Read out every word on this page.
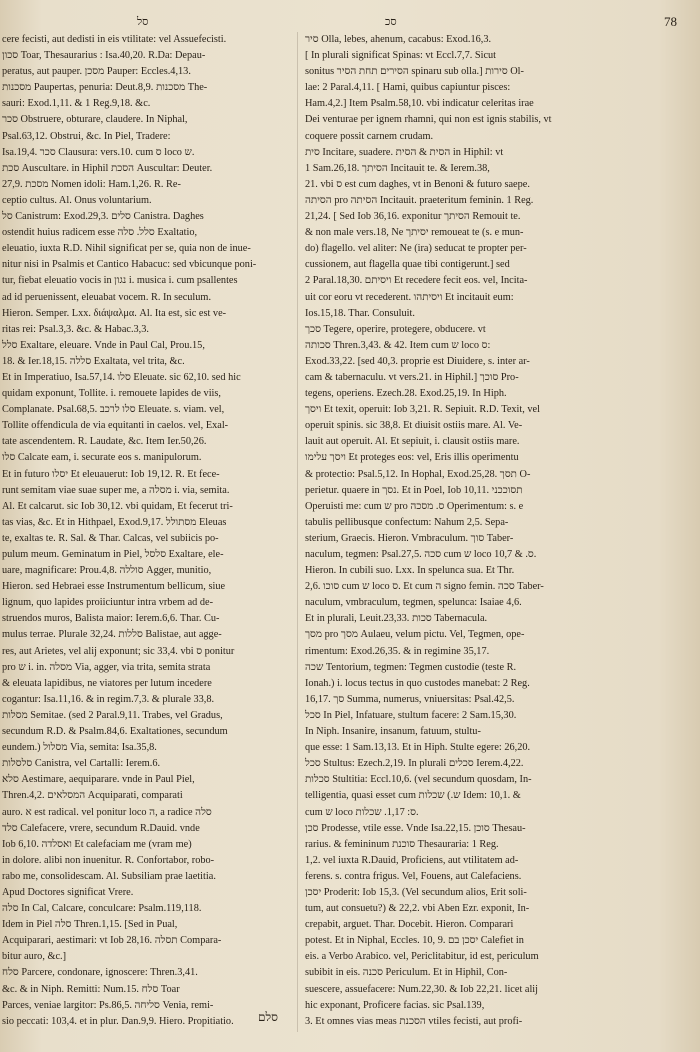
סל	סכ	78

cere fecisti, aut dedisti in eis vtilitate: vel Assuefecisti.

סכון Toar, Thesaurarius : Isa.40,20. R.Da: Depau-

peratus, aut pauper. מסכן Pauper: Eccles.4,13.

מסכנות Paupertas, penuria: Deut.8,9. מסכנות The-

sauri: Exod.1,11. & 1 Reg.9,18. &c.

סכר Obstruere, obturare, claudere. In Niphal,

Psal.63,12. Obstrui, &c. In Piel, Tradere:

Isa.19,4. סכר Clausura: vers.10. cum ס loco ש.

סכת Auscultare. in Hiphil הסכת Auscultar: Deuter.

27,9. מסכת Nomen idoli: Ham.1,26. R. Re-

ceptio cultus. Al. Onus voluntarium.

סל Canistrum: Exod.29,3. סלים Canistra. Daghes

ostendit huius radicem esse סלל. סלה Exaltatio,

eleuatio, iuxta R.D. Nihil significat per se, quia non de inue-

nitur nisi in Psalmis et Cantico Habacuc: sed vbicunque poni-

tur, fiebat eleuatio vocis in נגון i. musica i. cum psallentes

ad id peruenissent, eleuabat vocem. R. In seculum.

Hieron. Semper. Lxx. διάψαλμα. Al. Ita est, sic est ve-

ritas rei: Psal.3,3. &c. & Habac.3,3.

סלל Exaltare, eleuare. Vnde in Paul Cal, Prou.15,

18. & Ier.18,15. סללה Exaltata, vel trita, &c.

Et in Imperatiuo, Isa.57,14. סלו Eleuate. sic 62,10. sed hic

quidam exponunt, Tollite. i. remouete lapides de viis,

Complanate. Psal.68,5. סלו לרכב Eleuate. s. viam. vel,

Tollite offendicula de via equitanti in caelos. vel, Exal-

tate ascendentem. R. Laudate, &c. Item Ier.50,26.

סלו Calcate eam, i. securate eos s. manipulorum.

Et in futuro יסלו Et eleuauerut: Iob 19,12. R. Et fece-

runt semitam viae suae super me, a מסלה i. via, semita.

Al. Et calcarut. sic Iob 30,12. vbi quidam, Et fecerut tri-

tas vias, &c. Et in Hithpael, Exod.9,17. מסתולל Eleuas

te, exaltas te. R. Sal. & Thar. Calcas, vel subiicis po-

pulum meum. Geminatum in Piel, סלסל Exaltare, ele-

uare, magnificare: Prou.4,8. סוללה Agger, munitio,

Hieron. sed Hebraei esse Instrumentum bellicum, siue

lignum, quo lapides proiiciuntur intra vrbem ad de-

struendos muros, Balista maior: Ierem.6,6. Thar. Cu-

mulus terrae. Plurale 32,24. סללות Balistae, aut agge-

res, aut Arietes, vel alij exponunt; sic 33,4. vbi ס ponitur

pro ש i. in. מסלה Via, agger, via trita, semita strata

& eleuata lapidibus, ne viatores per lutum incedere

cogantur: Isa.11,16. & in regim.7,3. & plurale 33,8.

מסלות Semitae. (sed 2 Paral.9,11. Trabes, vel Gradus,

secundum R.D. & Psalm.84,6. Exaltationes, secundum

eundem.) מסלול Via, semita: Isa.35,8.

סלסלות Canistra, vel Cartalli: Ierem.6.

סלא Aestimare, aequiparare. vnde in Paul Piel,

Thren.4,2. המסלאים Acquiparati, comparati

auro. א est radical. vel ponitur loco ה, a radice סלה

סלד Calefacere, vrere, secundum R.Dauid. vnde

Iob 6,10. ואסלדה Et calefaciam me (vram me)

in dolore. alibi non inuenitur. R. Confortabor, robo-

rabo me, consolidescam. Al. Subsiliam prae laetitia.

Apud Doctores significat Vrere.

סלה In Cal, Calcare, conculcare: Psalm.119,118.

Idem in Piel סלה Thren.1,15. [Sed in Pual,

Acquiparari, aestimari: vt Iob 28,16. תסלה Compara-

bitur auro, &c.]

סלח Parcere, condonare, ignoscere: Thren.3,41.

&c. & in Niph. Remitti: Num.15. סלח Toar

Parces, veniae largitor: Ps.86,5. סליחה Venia, remi-

sio peccati: 103,4. et in plur. Dan.9,9. Hiero. Propitiatio.

סיר Olla, lebes, ahenum, cacabus: Exod.16,3.

[ In plurali significat Spinas: vt Eccl.7,7. Sicut

sonitus הסירים תחת הסיר spinaru sub olla.] סירות Ol-

lae: 2 Paral.4,11. [ Hami, quibus capiuntur pisces:

Ham.4,2.] Item Psalm.58,10. vbi indicatur celeritas irae

Dei venturae per ignem rhamni, qui non est ignis stabilis, vt

coquere possit carnem crudam.

סית Incitare, suadere. הסית & הסית in Hiphil: vt

1 Sam.26,18. הסיתך Incitauit te. & Ierem.38,

21. vbi ס est cum daghes, vt in Benoni & futuro saepe.

הסיתה pro הסיתה Incitauit. praeteritum feminin. 1 Reg.

21,24. [ Sed Iob 36,16. exponitur הסיתך Remouit te.

& non male vers.18, Ne יסיתך remoueat te (s. e mun-

do) flagello. vel aliter: Ne (ira) seducat te propter per-

cussionem, aut flagella quae tibi contigerunt.] sed

2 Paral.18,30. ויסיתם Et recedere fecit eos. vel, Incita-

uit cor eoru vt recederent. ויסיתהו Et incitauit eum:

Ios.15,18. Thar. Consuluit.

סכך Tegere, operire, protegere, obducere. vt

סכותה Thren.3,43. & 42. Item cum ש loco ס:

Exod.33,22. [sed 40,3. proprie est Diuidere, s. inter ar-

cam & tabernaculu. vt vers.21. in Hiphil.] סוכך Pro-

tegens, operiens. Ezech.28. Exod.25,19. In Hiph.

ויסך Et texit, operuit: Iob 3,21. R. Sepiuit. R.D. Texit, vel

operuit spinis. sic 38,8. Et diuisit ostiis mare. Al. Ve-

lauit aut operuit. Al. Et sepiuit, i. clausit ostiis mare.

ויסך עלימו Et proteges eos: vel, Eris illis operimentu

& protectio: Psal.5,12. In Hophal, Exod.25,28. תסך O-

perietur. quaere in נסך. Et in Poel, Iob 10,11. תסוככני

Operuisti me: cum ש pro ס. מסכה Operimentum: s. e

tabulis pellibusque confectum: Nahum 2,5. Sepa-

sterium, Graecis. Hieron. Vmbraculum. סוך Taber-

naculum, tegmen: Psal.27,5. סכה cum ש loco ס. & 10,7.

Hieron. In cubili suo. Lxx. In spelunca sua. Et Thr.

2,6. סוכו cum ש loco ס. Et cum ה signo femin. סכה Taber-

naculum, vmbraculum, tegmen, spelunca: Isaiae 4,6.

Et in plurali, Leuit.23,33. סכות Tabernacula.

מסך pro מסך Aulaeu, velum pictu. Vel, Tegmen, ope-

rimentum: Exod.26,35. & in regimine 35,17.

שכה Tentorium, tegmen: Tegmen custodie (teste R.

Ionah.) i. locus tectus in quo custodes manebat: 2 Reg.

16,17. סך Summa, numerus, vniuersitas: Psal.42,5.

סכל In Piel, Infatuare, stultum facere: 2 Sam.15,30.

In Niph. Insanire, insanum, fatuum, stultu-

que esse: 1 Sam.13,13. Et in Hiph. Stulte egere: 26,20.

סכל Stultus: Ezech.2,19. In plurali סכלים Ierem.4,22.

סכלות Stultitia: Eccl.10,6. (vel secundum quosdam, In-

telligentia, quasi esset cum ש.) שכלות Idem: 10,1. &

cum ש loco ס: 1,17. שכלות.

סכן Prodesse, vtile esse. Vnde Isa.22,15. סוכן Thesau-

rarius. & femininum סוכנת Thesauraria: 1 Reg.

1,2. vel iuxta R.Dauid, Proficiens, aut vtilitatem ad-

ferens. s. contra frigus. Vel, Fouens, aut Calefaciens.

יסכן Proderit: Iob 15,3. (Vel secundum alios, Erit soli-

tum, aut consuetu?) & 22,2. vbi Aben Ezr. exponit, In-

crepabit, arguet. Thar. Docebit. Hieron. Comparari

potest. Et in Niphal, Eccles. 10, 9. יסכן בם Calefiet in

eis. a Verbo Arabico. vel, Periclitabitur, id est, periculum

subibit in eis. סכנה Periculum. Et in Hiphil, Con-

suescere, assuefacere: Num.22,30. & Iob 22,21. licet alij

hic exponant, Proficere facias. sic Psal.139,

3. Et omnes vias meas הסכנת vtiles fecisti, aut profi-

סלם
